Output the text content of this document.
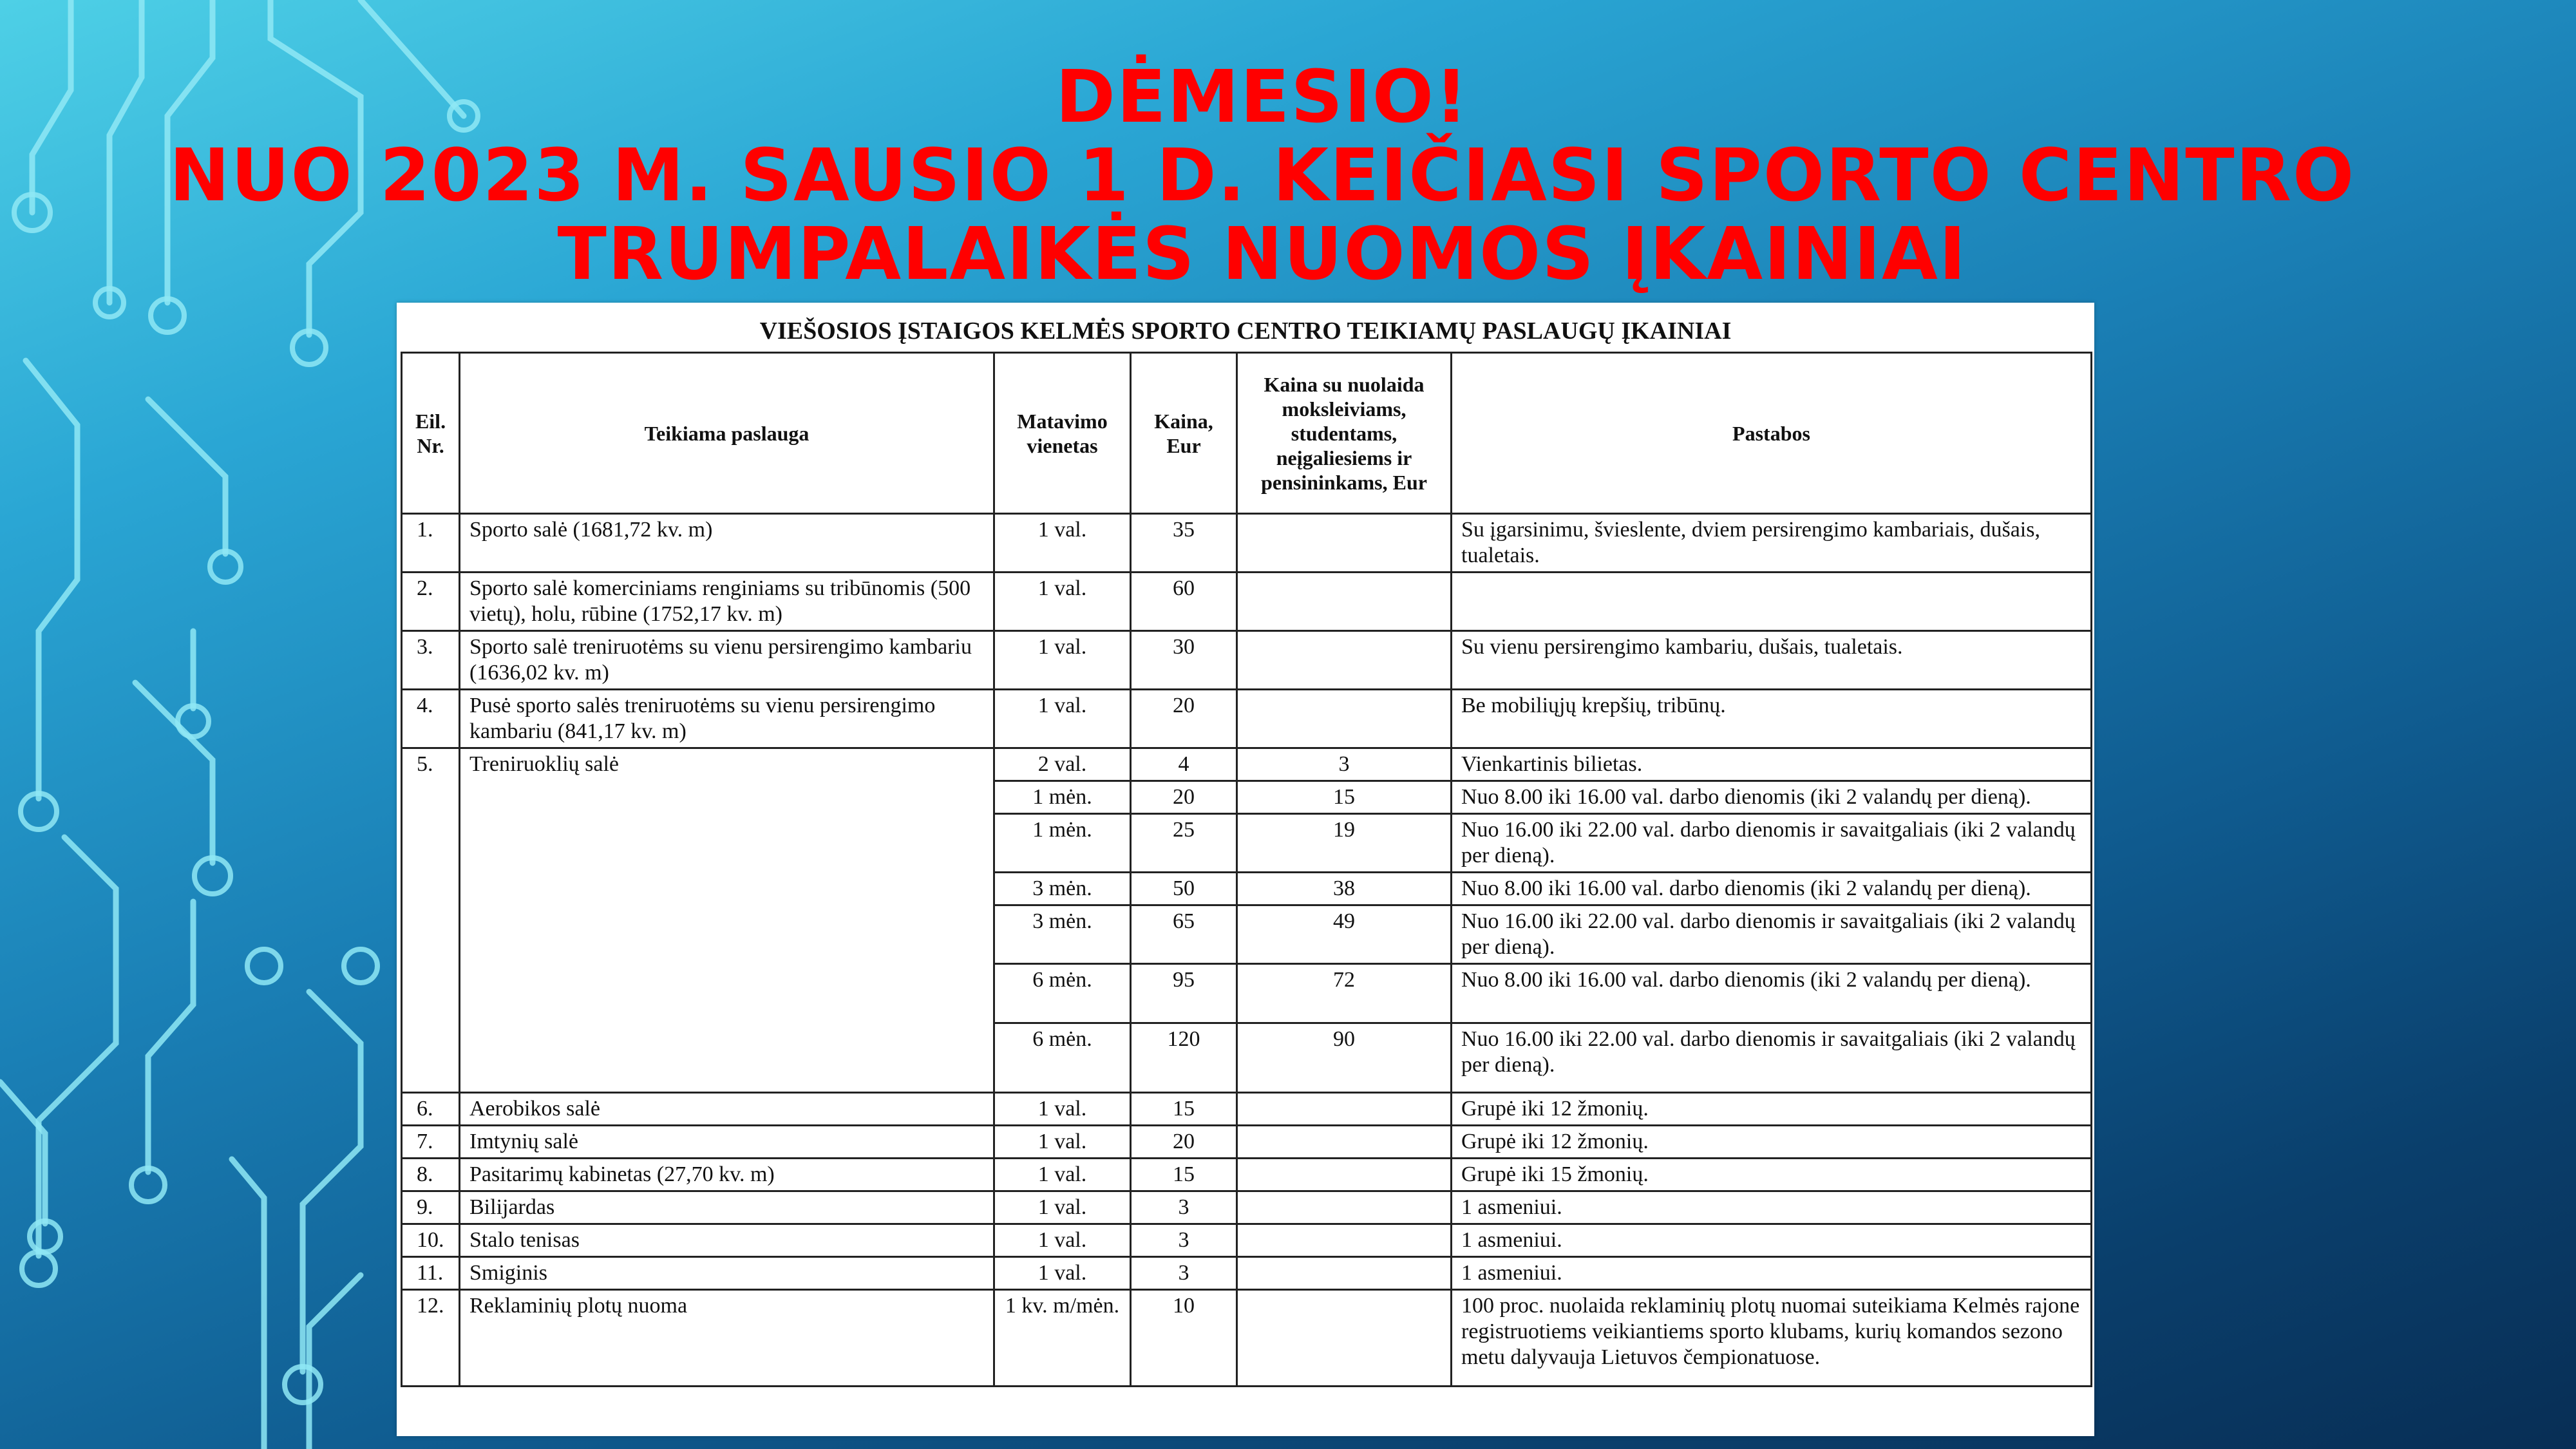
DĖMESIO!
NUO 2023 M. SAUSIO 1 D. KEIČIASI SPORTO CENTRO
TRUMPALAIKĖS NUOMOS ĮKAINIAI
VIEŠOSIOS ĮSTAIGOS KELMĖS SPORTO CENTRO TEIKIAMŲ PASLAUGŲ ĮKAINIAI
Eil. Nr.	Teikiama paslauga	Matavimo vienetas	Kaina, Eur	Kaina su nuolaida moksleiviams, studentams, neįgaliesiems ir pensininkams, Eur	Pastabos
1.	Sporto salė (1681,72 kv. m)	1 val.	35		Su įgarsinimu, švieslente, dviem persirengimo kambariais, dušais, tualetais.
2.	Sporto salė komerciniams renginiams su tribūnomis (500 vietų), holu, rūbine (1752,17 kv. m)	1 val.	60		
3.	Sporto salė treniruotėms su vienu persirengimo kambariu (1636,02 kv. m)	1 val.	30		Su vienu persirengimo kambariu, dušais, tualetais.
4.	Pusė sporto salės treniruotėms su vienu persirengimo kambariu (841,17 kv. m)	1 val.	20		Be mobiliųjų krepšių, tribūnų.
5.	Treniruoklių salė	2 val.	4	3	Vienkartinis bilietas.
		1 mėn.	20	15	Nuo 8.00 iki 16.00 val. darbo dienomis (iki 2 valandų per dieną).
		1 mėn.	25	19	Nuo 16.00 iki 22.00 val. darbo dienomis ir savaitgaliais (iki 2 valandų per dieną).
		3 mėn.	50	38	Nuo 8.00 iki 16.00 val. darbo dienomis (iki 2 valandų per dieną).
		3 mėn.	65	49	Nuo 16.00 iki 22.00 val. darbo dienomis ir savaitgaliais (iki 2 valandų per dieną).
		6 mėn.	95	72	Nuo 8.00 iki 16.00 val. darbo dienomis (iki 2 valandų per dieną).
		6 mėn.	120	90	Nuo 16.00 iki 22.00 val. darbo dienomis ir savaitgaliais (iki 2 valandų per dieną).
6.	Aerobikos salė	1 val.	15		Grupė iki 12 žmonių.
7.	Imtynių salė	1 val.	20		Grupė iki 12 žmonių.
8.	Pasitarimų kabinetas (27,70 kv. m)	1 val.	15		Grupė iki 15 žmonių.
9.	Bilijardas	1 val.	3		1 asmeniui.
10.	Stalo tenisas	1 val.	3		1 asmeniui.
11.	Smiginis	1 val.	3		1 asmeniui.
12.	Reklaminių plotų nuoma	1 kv. m/mėn.	10		100 proc. nuolaida reklaminių plotų nuomai suteikiama Kelmės rajone registruotiems veikiantiems sporto klubams, kurių komandos sezono metu dalyvauja Lietuvos čempionatuose.
